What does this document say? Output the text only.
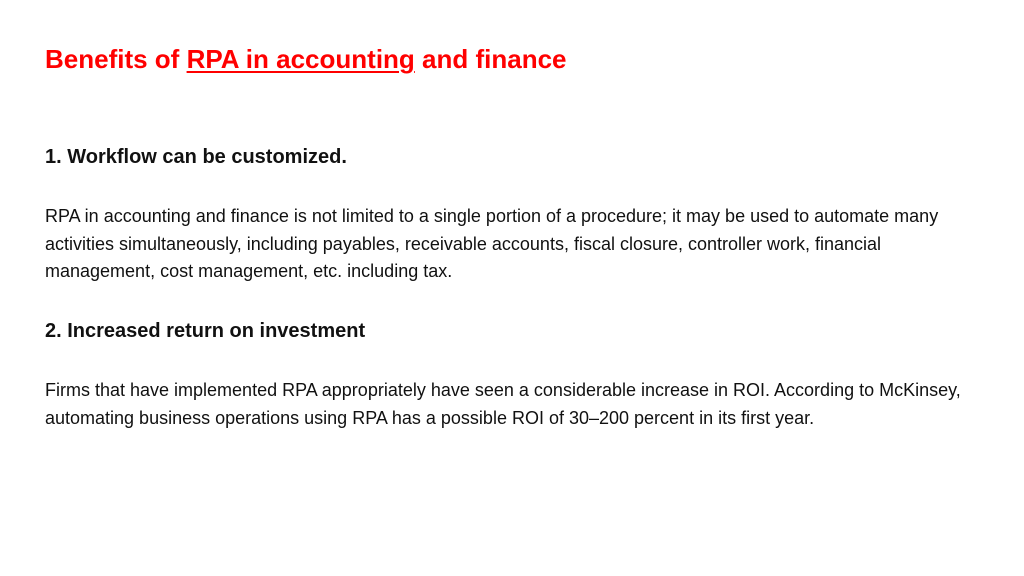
Benefits of RPA in accounting and finance
1. Workflow can be customized.

RPA in accounting and finance is not limited to a single portion of a procedure; it may be used to automate many activities simultaneously, including payables, receivable accounts, fiscal closure, controller work, financial management, cost management, etc. including tax.

2. Increased return on investment

Firms that have implemented RPA appropriately have seen a considerable increase in ROI. According to McKinsey, automating business operations using RPA has a possible ROI of 30–200 percent in its first year.
